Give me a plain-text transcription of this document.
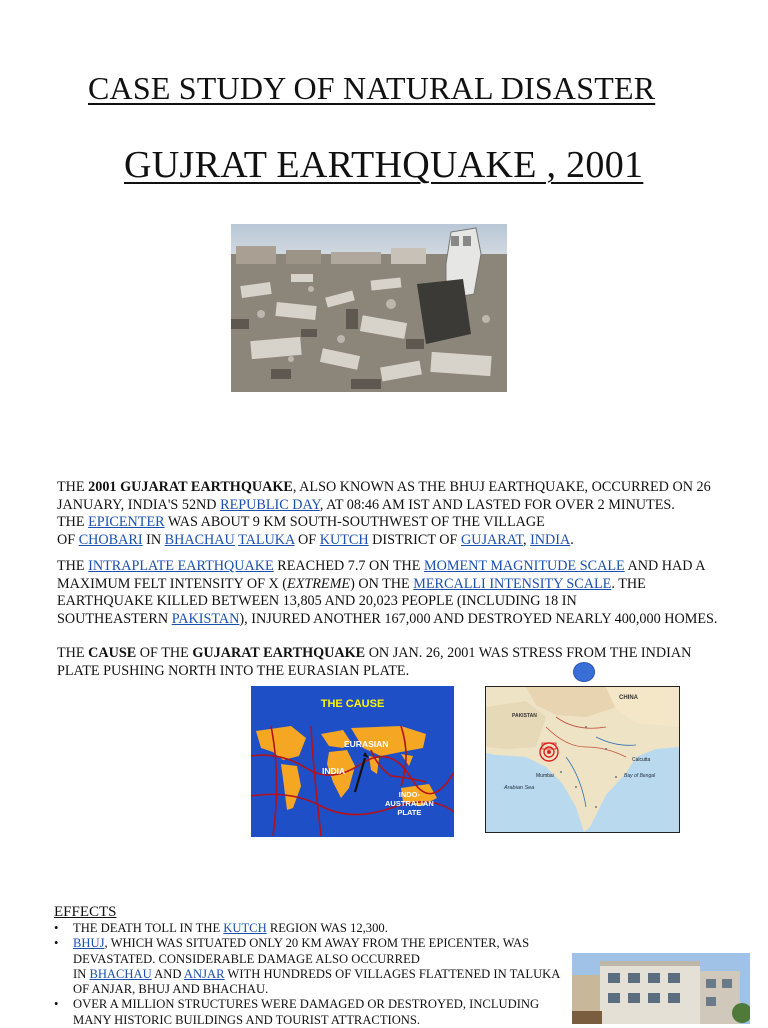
CASE STUDY OF NATURAL DISASTER
GUJRAT EARTHQUAKE , 2001
THE 2001 GUJARAT EARTHQUAKE, ALSO KNOWN AS THE BHUJ EARTHQUAKE, OCCURRED ON 26
JANUARY, INDIA'S 52ND REPUBLIC DAY, AT 08:46 AM IST AND LASTED FOR OVER 2 MINUTES.
THE EPICENTER WAS ABOUT 9 KM SOUTH-SOUTHWEST OF THE VILLAGE
OF CHOBARI IN BHACHAU TALUKA OF KUTCH DISTRICT OF GUJARAT, INDIA.
THE INTRAPLATE EARTHQUAKE REACHED 7.7 ON THE MOMENT MAGNITUDE SCALE AND HAD A
MAXIMUM FELT INTENSITY OF X (EXTREME) ON THE MERCALLI INTENSITY SCALE. THE
EARTHQUAKE KILLED BETWEEN 13,805 AND 20,023 PEOPLE (INCLUDING 18 IN
SOUTHEASTERN PAKISTAN), INJURED ANOTHER 167,000 AND DESTROYED NEARLY 400,000 HOMES.
THE CAUSE OF THE GUJARAT EARTHQUAKE ON JAN. 26, 2001 WAS STRESS FROM THE INDIAN
PLATE PUSHING NORTH INTO THE EURASIAN PLATE.
THE CAUSE
EURASIAN
INDIA
INDO-
AUSTRALIAN
PLATE
CHINA
PAKISTAN
Mumbai
Arabian Sea
Bay of Bengal
Calcutta
EFFECTS
• THE DEATH TOLL IN THE KUTCH REGION WAS 12,300.
• BHUJ, WHICH WAS SITUATED ONLY 20 KM AWAY FROM THE EPICENTER, WAS
DEVASTATED. CONSIDERABLE DAMAGE ALSO OCCURRED
IN BHACHAU AND ANJAR WITH HUNDREDS OF VILLAGES FLATTENED IN TALUKA
OF ANJAR, BHUJ AND BHACHAU.
• OVER A MILLION STRUCTURES WERE DAMAGED OR DESTROYED, INCLUDING
MANY HISTORIC BUILDINGS AND TOURIST ATTRACTIONS.
